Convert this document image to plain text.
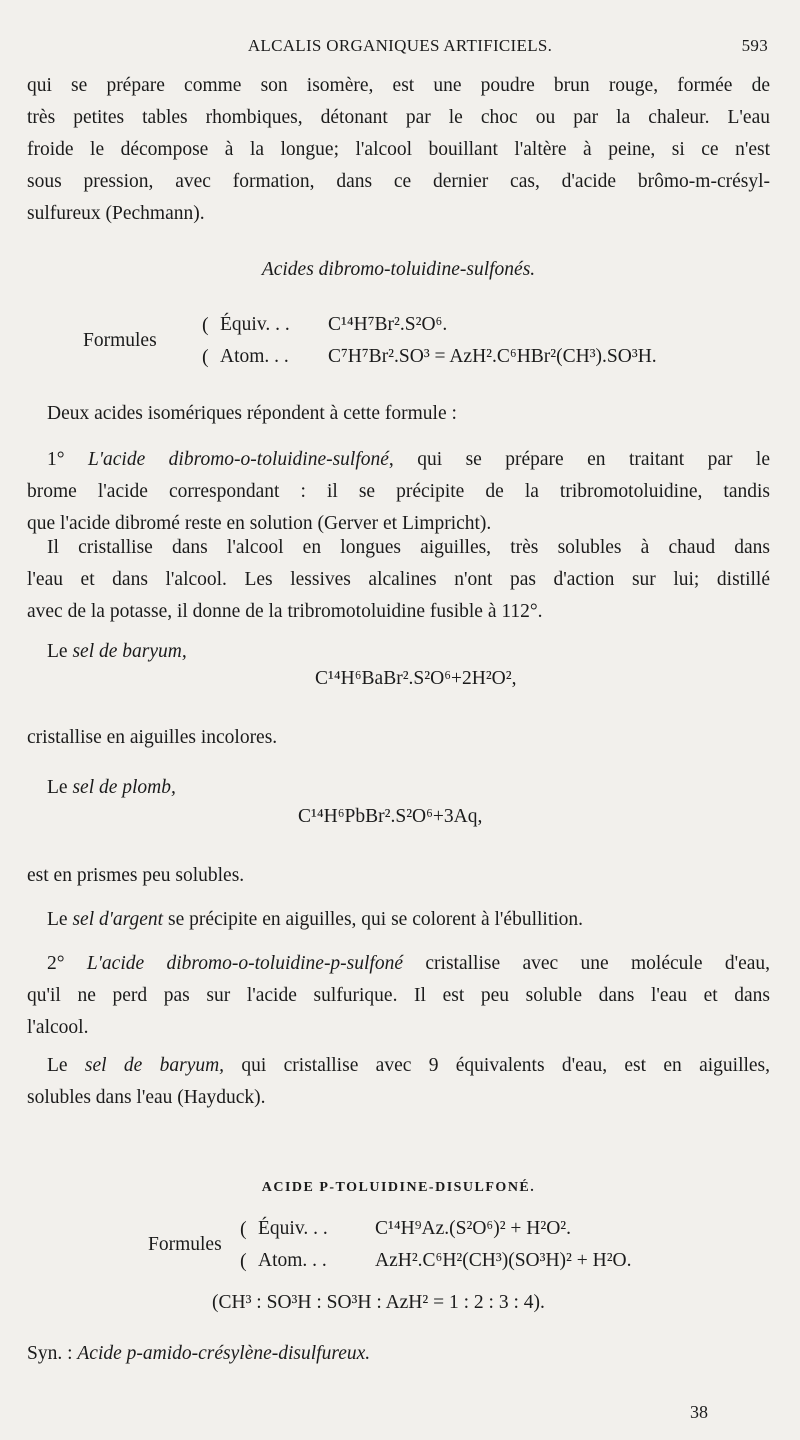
ALCALIS ORGANIQUES ARTIFICIELS.	593
qui se prépare comme son isomère, est une poudre brun rouge, formée de
très petites tables rhombiques, détonant par le choc ou par la chaleur. L'eau
froide le décompose à la longue; l'alcool bouillant l'altère à peine, si ce n'est
sous pression, avec formation, dans ce dernier cas, d'acide brômo-m-crésyl-
sulfureux (Pechmann).
Acides dibromo-toluidine-sulfonés.
Formules
(
(
Équiv. . .
Atom. . .
C¹⁴H⁷Br².S²O⁶.
C⁷H⁷Br².SO³ = AzH².C⁶HBr²(CH³).SO³H.
Deux acides isomériques répondent à cette formule :
1° L'acide dibromo-o-toluidine-sulfoné, qui se prépare en traitant par le
brome l'acide correspondant : il se précipite de la tribromotoluidine, tandis
que l'acide dibromé reste en solution (Gerver et Limpricht).
Il cristallise dans l'alcool en longues aiguilles, très solubles à chaud dans
l'eau et dans l'alcool. Les lessives alcalines n'ont pas d'action sur lui; distillé
avec de la potasse, il donne de la tribromotoluidine fusible à 112°.
Le sel de baryum,
C¹⁴H⁶BaBr².S²O⁶+2H²O²,
cristallise en aiguilles incolores.
Le sel de plomb,
C¹⁴H⁶PbBr².S²O⁶+3Aq,
est en prismes peu solubles.
Le sel d'argent se précipite en aiguilles, qui se colorent à l'ébullition.
2° L'acide dibromo-o-toluidine-p-sulfoné cristallise avec une molécule d'eau,
qu'il ne perd pas sur l'acide sulfurique. Il est peu soluble dans l'eau et dans
l'alcool.
Le sel de baryum, qui cristallise avec 9 équivalents d'eau, est en aiguilles,
solubles dans l'eau (Hayduck).
ACIDE P-TOLUIDINE-DISULFONÉ.
Formules
(
(
Équiv. . .
Atom. . .
C¹⁴H⁹Az.(S²O⁶)² + H²O².
AzH².C⁶H²(CH³)(SO³H)² + H²O.
(CH³ : SO³H : SO³H : AzH² = 1 : 2 : 3 : 4).
Syn. : Acide p-amido-crésylène-disulfureux.
38
